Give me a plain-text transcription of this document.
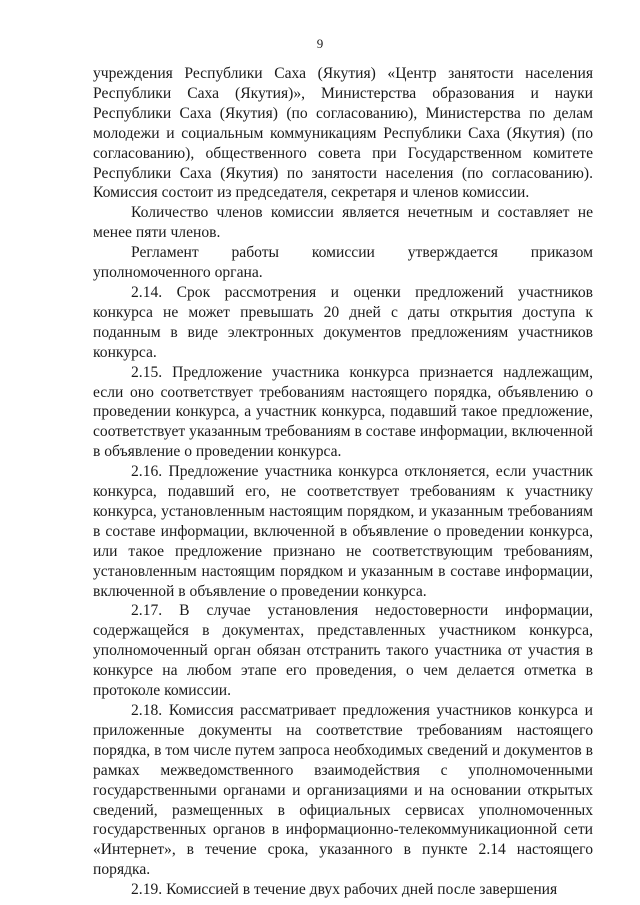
9

учреждения Республики Саха (Якутия) «Центр занятости населения Республики Саха (Якутия)», Министерства образования и науки Республики Саха (Якутия) (по согласованию), Министерства по делам молодежи и социальным коммуникациям Республики Саха (Якутия) (по согласованию), общественного совета при Государственном комитете Республики Саха (Якутия) по занятости населения (по согласованию). Комиссия состоит из председателя, секретаря и членов комиссии.

Количество членов комиссии является нечетным и составляет не менее пяти членов.

Регламент работы комиссии утверждается приказом уполномоченного органа.

2.14. Срок рассмотрения и оценки предложений участников конкурса не может превышать 20 дней с даты открытия доступа к поданным в виде электронных документов предложениям участников конкурса.

2.15. Предложение участника конкурса признается надлежащим, если оно соответствует требованиям настоящего порядка, объявлению о проведении конкурса, а участник конкурса, подавший такое предложение, соответствует указанным требованиям в составе информации, включенной в объявление о проведении конкурса.

2.16. Предложение участника конкурса отклоняется, если участник конкурса, подавший его, не соответствует требованиям к участнику конкурса, установленным настоящим порядком, и указанным требованиям в составе информации, включенной в объявление о проведении конкурса, или такое предложение признано не соответствующим требованиям, установленным настоящим порядком и указанным в составе информации, включенной в объявление о проведении конкурса.

2.17. В случае установления недостоверности информации, содержащейся в документах, представленных участником конкурса, уполномоченный орган обязан отстранить такого участника от участия в конкурсе на любом этапе его проведения, о чем делается отметка в протоколе комиссии.

2.18. Комиссия рассматривает предложения участников конкурса и приложенные документы на соответствие требованиям настоящего порядка, в том числе путем запроса необходимых сведений и документов в рамках межведомственного взаимодействия с уполномоченными государственными органами и организациями и на основании открытых сведений, размещенных в официальных сервисах уполномоченных государственных органов в информационно-телекоммуникационной сети «Интернет», в течение срока, указанного в пункте 2.14 настоящего порядка.

2.19. Комиссией в течение двух рабочих дней после завершения
